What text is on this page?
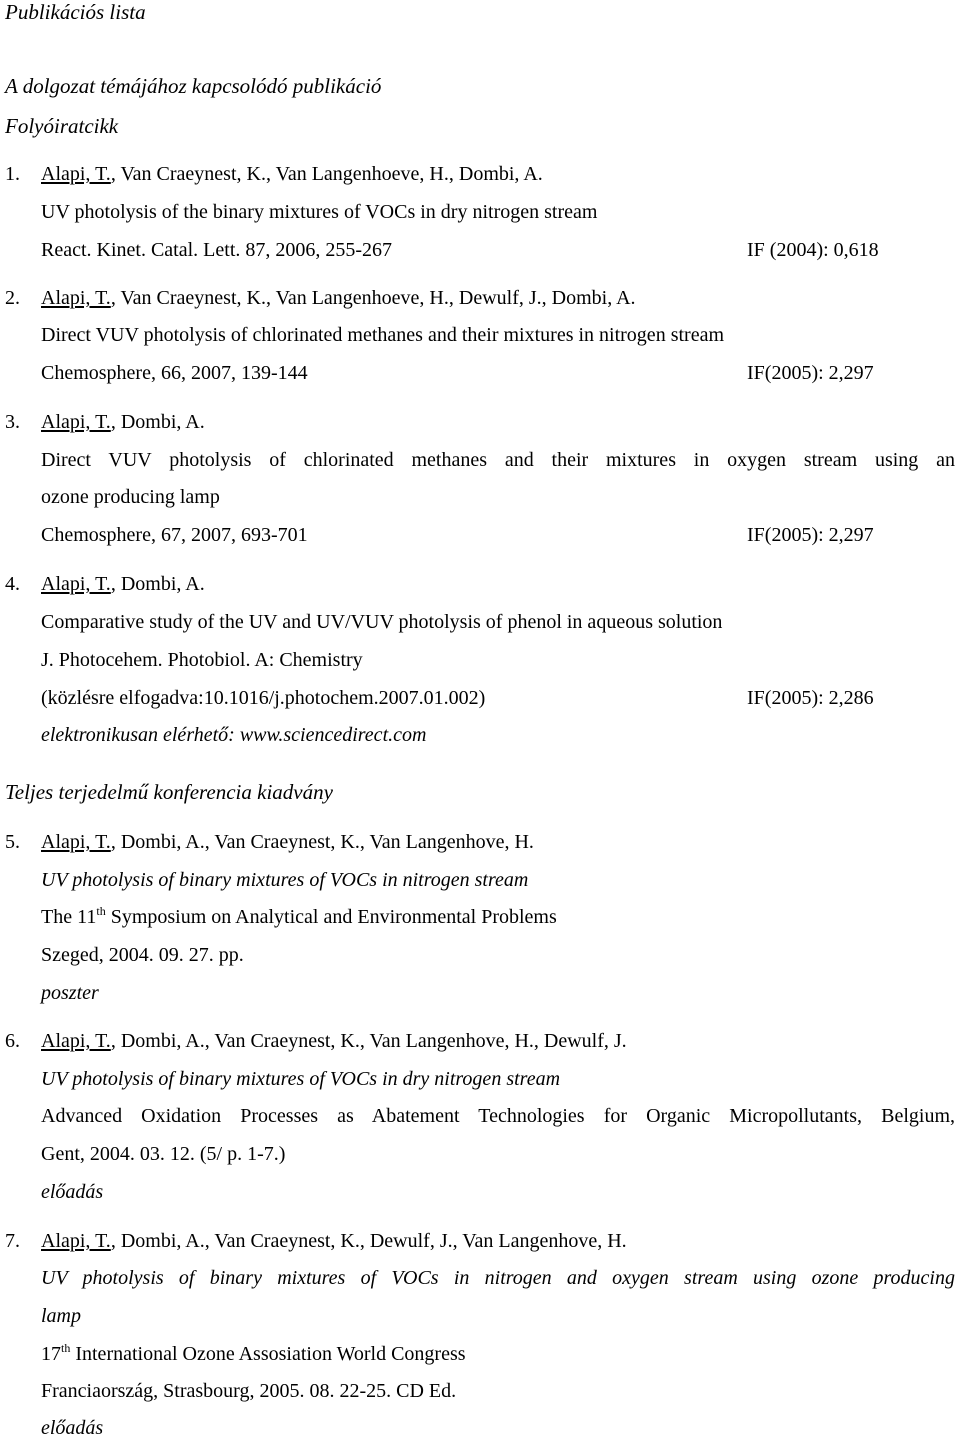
Publikációs lista
A dolgozat témájához kapcsolódó publikáció
Folyóiratcikk
1. Alapi, T., Van Craeynest, K., Van Langenhoeve, H., Dombi, A.
UV photolysis of the binary mixtures of VOCs in dry nitrogen stream
React. Kinet. Catal. Lett. 87, 2006, 255-267	IF (2004): 0,618
2. Alapi, T., Van Craeynest, K., Van Langenhoeve, H., Dewulf, J., Dombi, A.
Direct VUV photolysis of chlorinated methanes and their mixtures in nitrogen stream
Chemosphere, 66, 2007, 139-144	IF(2005): 2,297
3. Alapi, T., Dombi, A.
Direct VUV photolysis of chlorinated methanes and their mixtures in oxygen stream using an
ozone producing lamp
Chemosphere, 67, 2007, 693-701	IF(2005): 2,297
4. Alapi, T., Dombi, A.
Comparative study of the UV and UV/VUV photolysis of phenol in aqueous solution
J. Photocehem. Photobiol. A: Chemistry
(közlésre elfogadva:10.1016/j.photochem.2007.01.002)	IF(2005): 2,286
elektronikusan elérhető: www.sciencedirect.com
Teljes terjedelmű konferencia kiadvány
5. Alapi, T., Dombi, A., Van Craeynest, K., Van Langenhove, H.
UV photolysis of binary mixtures of VOCs in nitrogen stream
The 11th Symposium on Analytical and Environmental Problems
Szeged, 2004. 09. 27. pp.
poszter
6. Alapi, T., Dombi, A., Van Craeynest, K., Van Langenhove, H., Dewulf, J.
UV photolysis of binary mixtures of VOCs in dry nitrogen stream
Advanced Oxidation Processes as Abatement Technologies for Organic Micropollutants, Belgium,
Gent, 2004. 03. 12. (5/ p. 1-7.)
előadás
7. Alapi, T., Dombi, A., Van Craeynest, K., Dewulf, J., Van Langenhove, H.
UV photolysis of binary mixtures of VOCs in nitrogen and oxygen stream using ozone producing
lamp
17th International Ozone Assosiation World Congress
Franciaország, Strasbourg, 2005. 08. 22-25. CD Ed.
előadás
